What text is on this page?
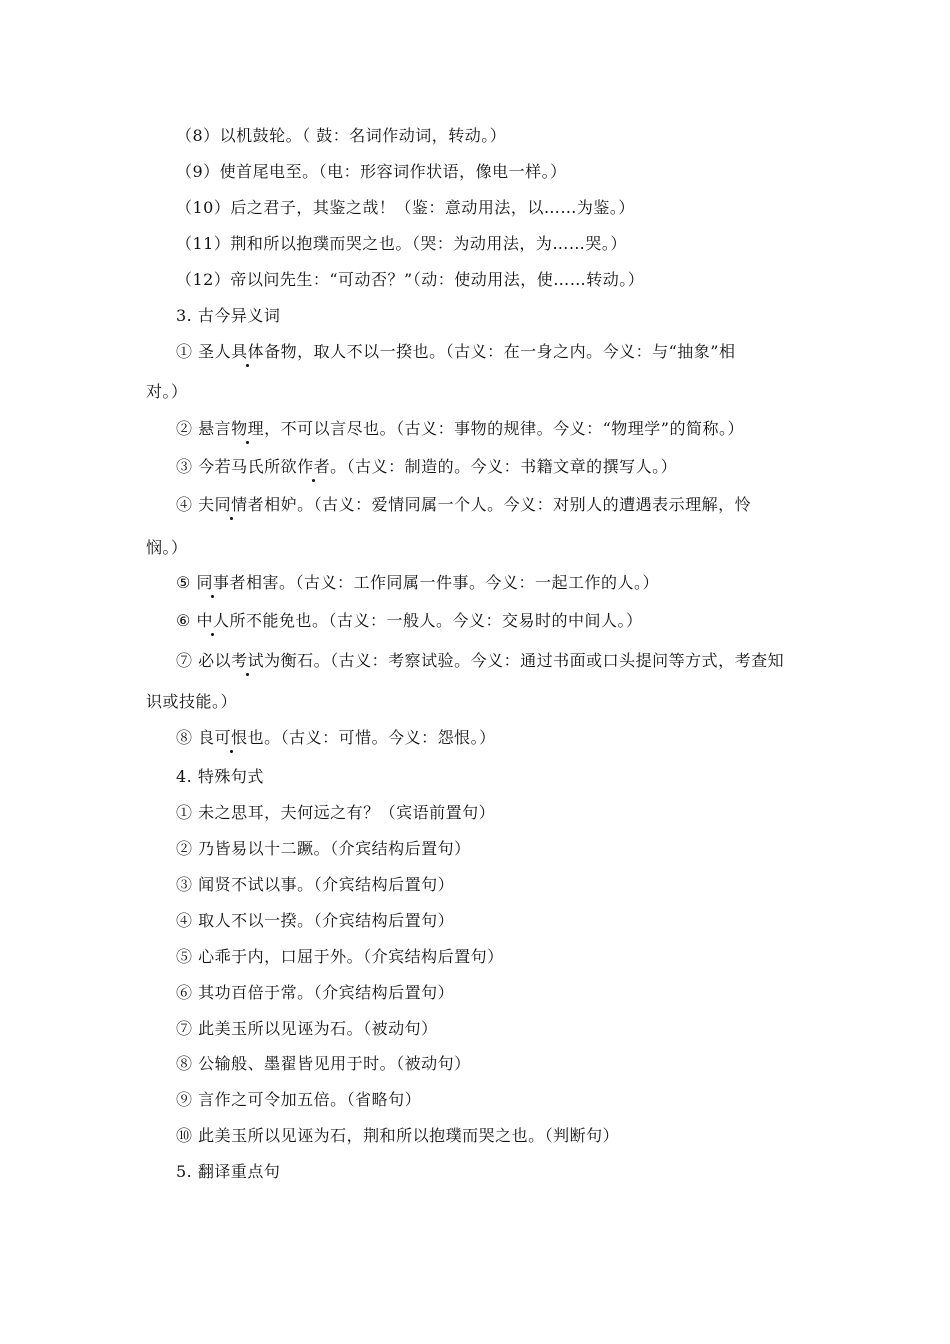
（8）以机鼓轮。（ 鼓：名词作动词，转动。）
（9）使首尾电至。（电：形容词作状语，像电一样。）
（10）后之君子，其鉴之哉！（鉴：意动用法，以……为鉴。）
（11）荆和所以抱璞而哭之也。（哭：为动用法，为……哭。）
（12）帝以问先生：“可动否？”（动：使动用法，使……转动。）
3. 古今异义词
① 圣人具体备物，取人不以一揆也。（古义：在一身之内。今义：与“抽象”相
对。）
② 悬言物理，不可以言尽也。（古义：事物的规律。今义：“物理学”的简称。）
③ 今若马氏所欲作者。（古义：制造的。今义：书籍文章的撰写人。）
④ 夫同情者相妒。（古义：爱情同属一个人。今义：对别人的遭遇表示理解，怜
悯。）
⑤ 同事者相害。（古义：工作同属一件事。今义：一起工作的人。）
⑥ 中人所不能免也。（古义：一般人。今义：交易时的中间人。）
⑦ 必以考试为衡石。（古义：考察试验。今义：通过书面或口头提问等方式，考查知
识或技能。）
⑧ 良可恨也。（古义：可惜。今义：怨恨。）
4. 特殊句式
① 未之思耳，夫何远之有？（宾语前置句）
② 乃皆易以十二蹶。（介宾结构后置句）
③ 闻贤不试以事。（介宾结构后置句）
④ 取人不以一揆。（介宾结构后置句）
⑤ 心乖于内，口屈于外。（介宾结构后置句）
⑥ 其功百倍于常。（介宾结构后置句）
⑦ 此美玉所以见诬为石。（被动句）
⑧ 公输般、墨翟皆见用于时。（被动句）
⑨ 言作之可令加五倍。（省略句）
⑩ 此美玉所以见诬为石，荆和所以抱璞而哭之也。（判断句）
5. 翻译重点句
